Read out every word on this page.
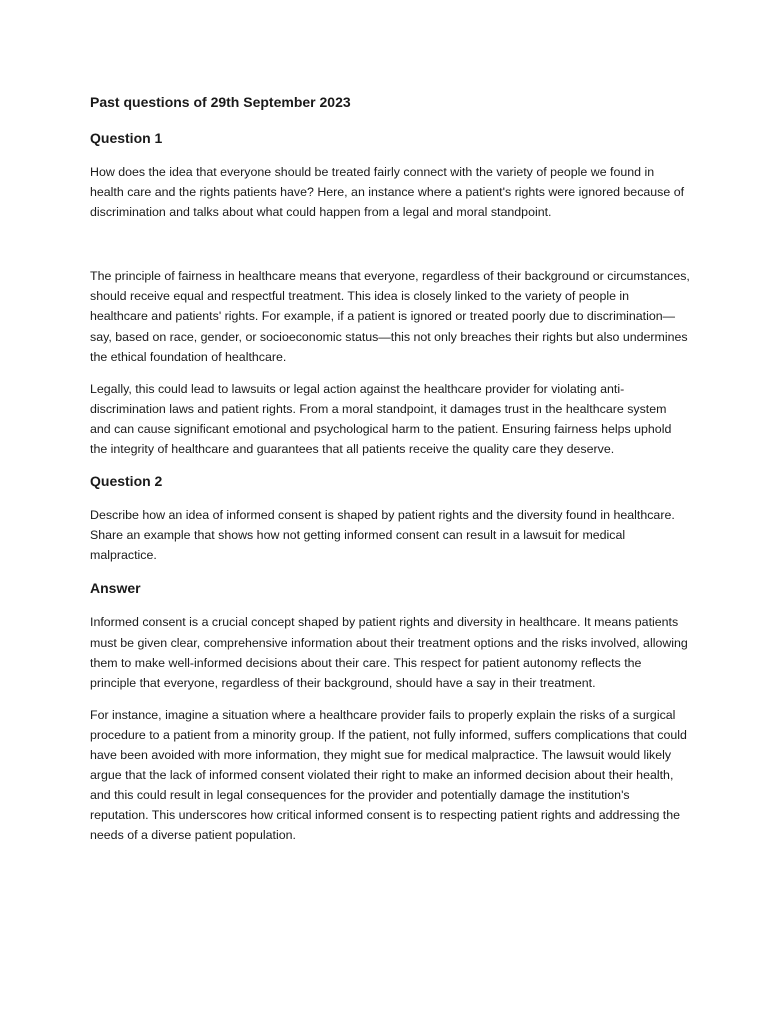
Past questions of 29th September 2023
Question 1

How does the idea that everyone should be treated fairly connect with the variety of people we found in health care and the rights patients have? Here, an instance where a patient's rights were ignored because of discrimination and talks about what could happen from a legal and moral standpoint.

The principle of fairness in healthcare means that everyone, regardless of their background or circumstances, should receive equal and respectful treatment. This idea is closely linked to the variety of people in healthcare and patients' rights. For example, if a patient is ignored or treated poorly due to discrimination—say, based on race, gender, or socioeconomic status—this not only breaches their rights but also undermines the ethical foundation of healthcare.

Legally, this could lead to lawsuits or legal action against the healthcare provider for violating anti-discrimination laws and patient rights. From a moral standpoint, it damages trust in the healthcare system and can cause significant emotional and psychological harm to the patient. Ensuring fairness helps uphold the integrity of healthcare and guarantees that all patients receive the quality care they deserve.

Question 2

Describe how an idea of informed consent is shaped by patient rights and the diversity found in healthcare. Share an example that shows how not getting informed consent can result in a lawsuit for medical malpractice.

Answer

Informed consent is a crucial concept shaped by patient rights and diversity in healthcare. It means patients must be given clear, comprehensive information about their treatment options and the risks involved, allowing them to make well-informed decisions about their care. This respect for patient autonomy reflects the principle that everyone, regardless of their background, should have a say in their treatment.

For instance, imagine a situation where a healthcare provider fails to properly explain the risks of a surgical procedure to a patient from a minority group. If the patient, not fully informed, suffers complications that could have been avoided with more information, they might sue for medical malpractice. The lawsuit would likely argue that the lack of informed consent violated their right to make an informed decision about their health, and this could result in legal consequences for the provider and potentially damage the institution's reputation. This underscores how critical informed consent is to respecting patient rights and addressing the needs of a diverse patient population.
